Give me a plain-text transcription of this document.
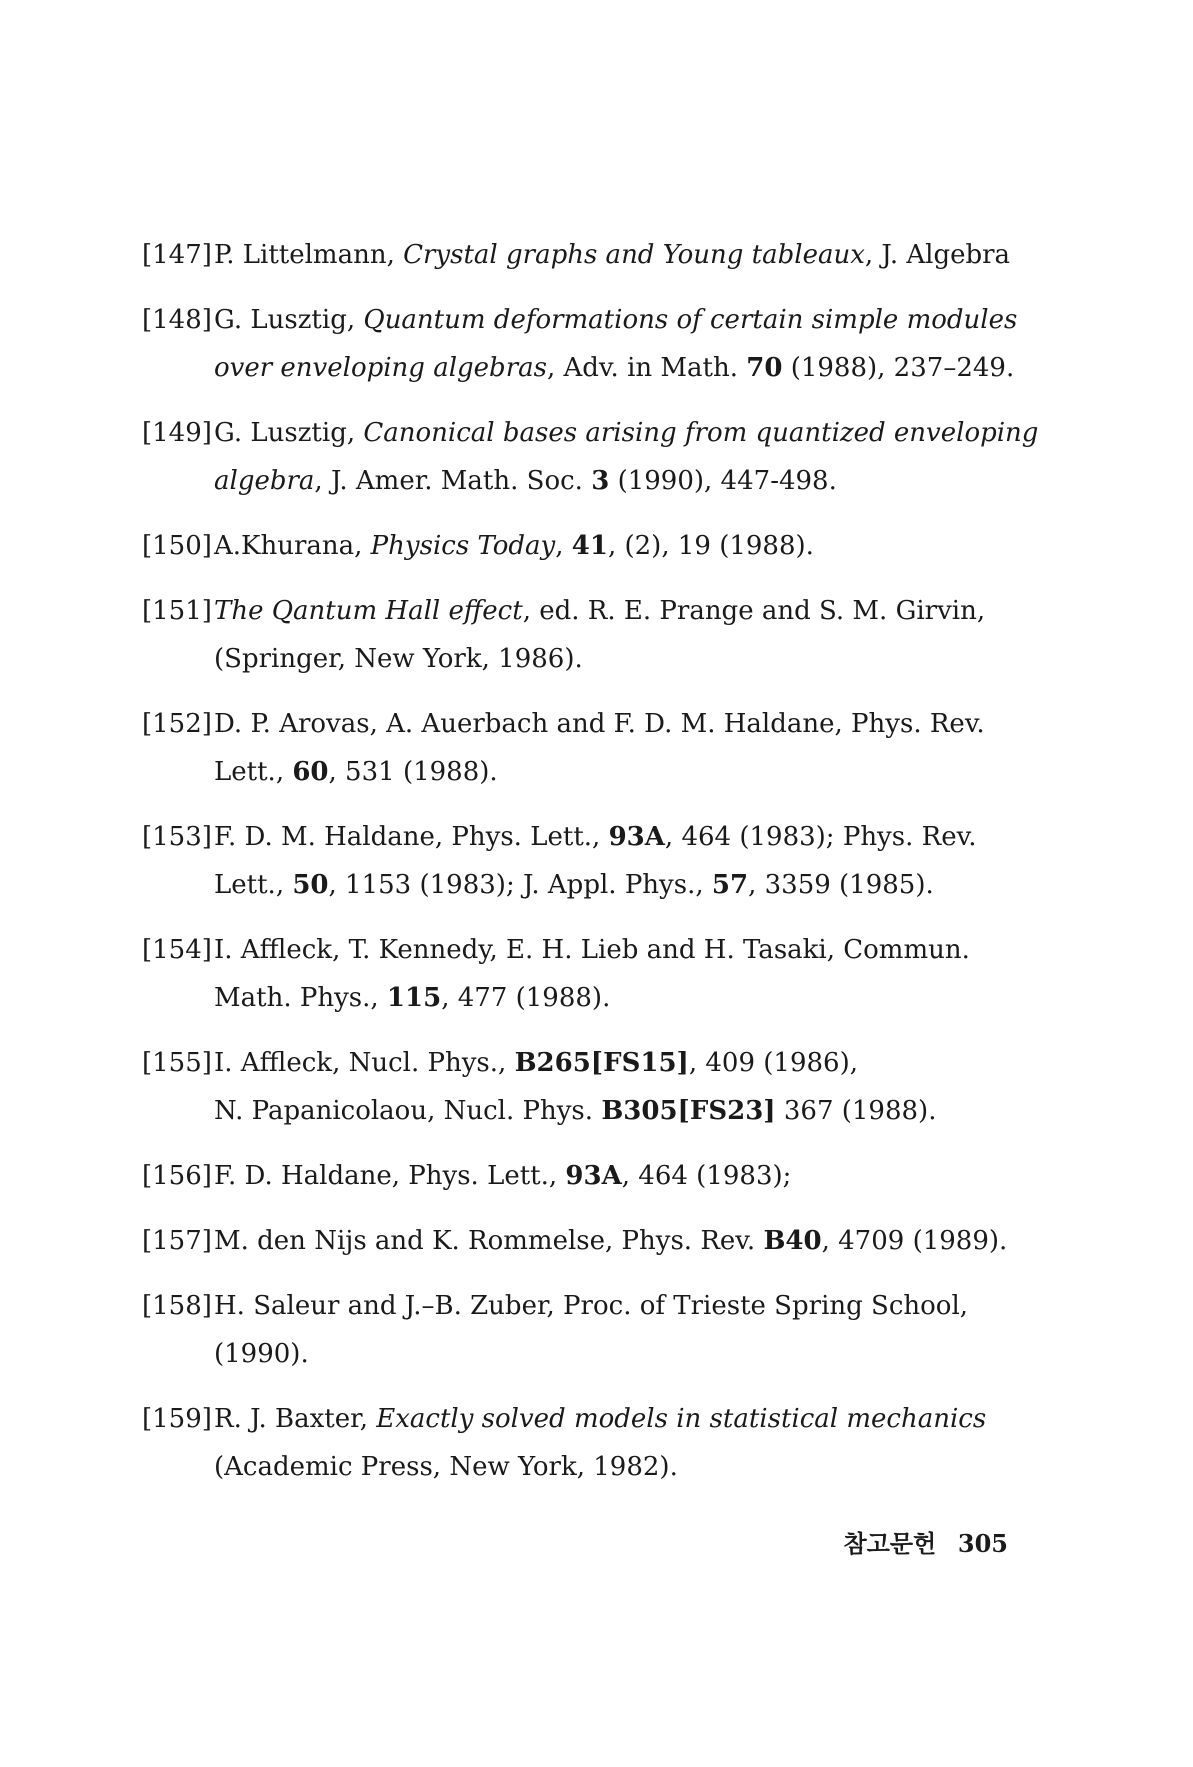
[147] P. Littelmann, Crystal graphs and Young tableaux, J. Algebra
[148] G. Lusztig, Quantum deformations of certain simple modules
over enveloping algebras, Adv. in Math. 70 (1988), 237–249.
[149] G. Lusztig, Canonical bases arising from quantized enveloping
algebra, J. Amer. Math. Soc. 3 (1990), 447-498.
[150] A.Khurana, Physics Today, 41, (2), 19 (1988).
[151] The Qantum Hall effect, ed. R. E. Prange and S. M. Girvin,
(Springer, New York, 1986).
[152] D. P. Arovas, A. Auerbach and F. D. M. Haldane, Phys. Rev.
Lett., 60, 531 (1988).
[153] F. D. M. Haldane, Phys. Lett., 93A, 464 (1983); Phys. Rev.
Lett., 50, 1153 (1983); J. Appl. Phys., 57, 3359 (1985).
[154] I. Affleck, T. Kennedy, E. H. Lieb and H. Tasaki, Commun.
Math. Phys., 115, 477 (1988).
[155] I. Affleck, Nucl. Phys., B265[FS15], 409 (1986),
N. Papanicolaou, Nucl. Phys. B305[FS23] 367 (1988).
[156] F. D. Haldane, Phys. Lett., 93A, 464 (1983);
[157] M. den Nijs and K. Rommelse, Phys. Rev. B40, 4709 (1989).
[158] H. Saleur and J.–B. Zuber, Proc. of Trieste Spring School,
(1990).
[159] R. J. Baxter, Exactly solved models in statistical mechanics
(Academic Press, New York, 1982).
참고문헌 305
